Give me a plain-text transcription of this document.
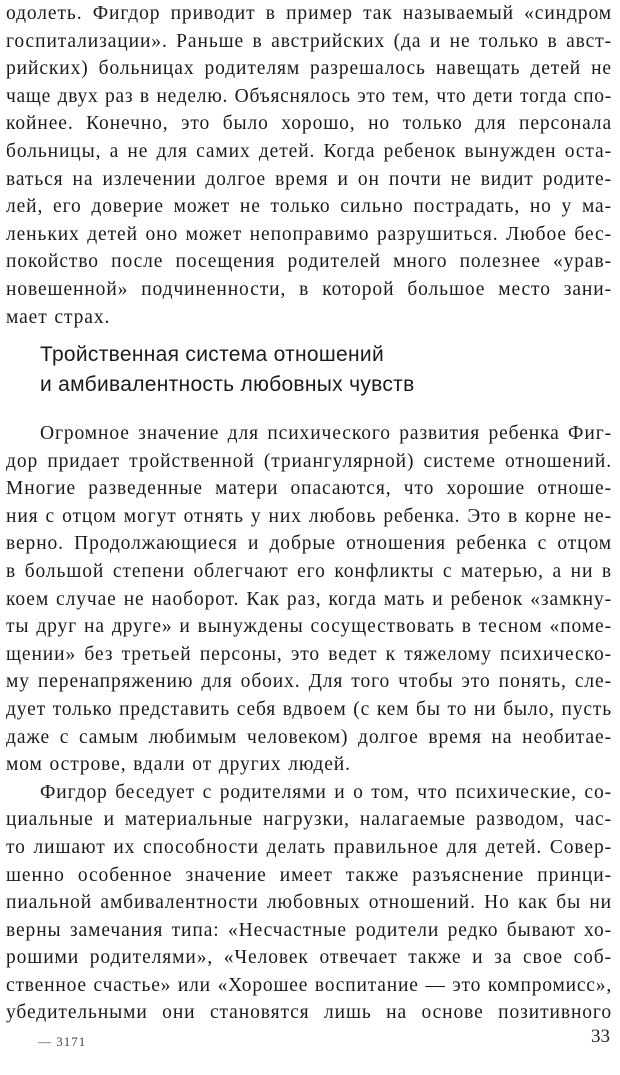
одолеть. Фигдор приводит в пример так называемый «синдром
госпитализации». Раньше в австрийских (да и не только в авст-
рийских) больницах родителям разрешалось навещать детей не
чаще двух раз в неделю. Объяснялось это тем, что дети тогда спо-
койнее. Конечно, это было хорошо, но только для персонала
больницы, а не для самих детей. Когда ребенок вынужден оста-
ваться на излечении долгое время и он почти не видит родите-
лей, его доверие может не только сильно пострадать, но у ма-
леньких детей оно может непоправимо разрушиться. Любое бес-
покойство после посещения родителей много полезнее «урав-
новешенной» подчиненности, в которой большое место зани-
мает страх.
Тройственная система отношений
и амбивалентность любовных чувств
Огромное значение для психического развития ребенка Фиг-
дор придает тройственной (триангулярной) системе отношений.
Многие разведенные матери опасаются, что хорошие отноше-
ния с отцом могут отнять у них любовь ребенка. Это в корне не-
верно. Продолжающиеся и добрые отношения ребенка с отцом
в большой степени облегчают его конфликты с матерью, а ни в
коем случае не наоборот. Как раз, когда мать и ребенок «замкну-
ты друг на друге» и вынуждены сосуществовать в тесном «поме-
щении» без третьей персоны, это ведет к тяжелому психическо-
му перенапряжению для обоих. Для того чтобы это понять, сле-
дует только представить себя вдвоем (с кем бы то ни было, пусть
даже с самым любимым человеком) долгое время на необитае-
мом острове, вдали от других людей.
Фигдор беседует с родителями и о том, что психические, со-
циальные и материальные нагрузки, налагаемые разводом, час-
то лишают их способности делать правильное для детей. Совер-
шенно особенное значение имеет также разъяснение принци-
пиальной амбивалентности любовных отношений. Но как бы ни
верны замечания типа: «Несчастные родители редко бывают хо-
рошими родителями», «Человек отвечает также и за свое соб-
ственное счастье» или «Хорошее воспитание — это компромисс»,
убедительными они становятся лишь на основе позитивного
— 3171	33
